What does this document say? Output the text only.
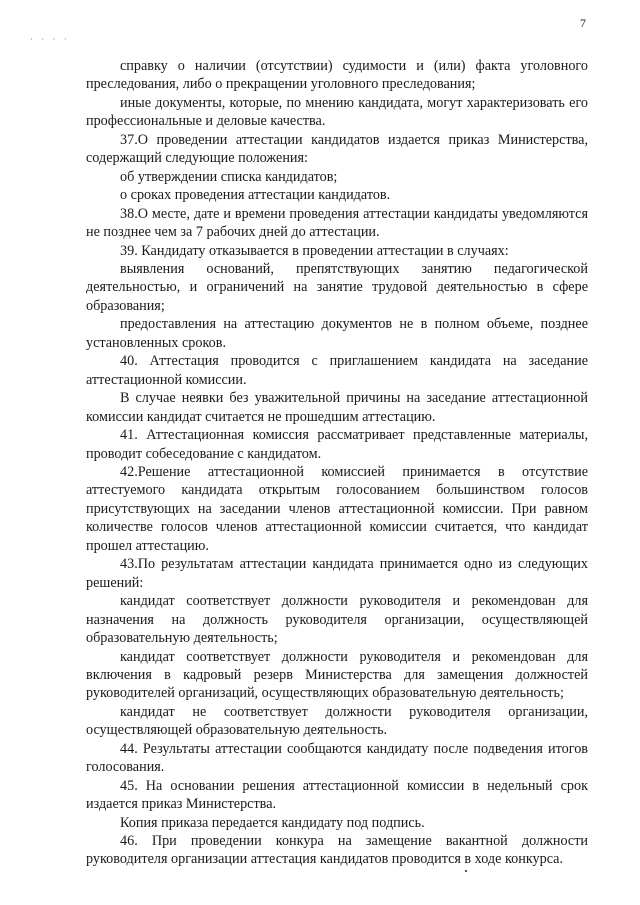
· · · ·
7

справку о наличии (отсутствии) судимости и (или) факта уголовного преследования, либо о прекращении уголовного преследования;

иные документы, которые, по мнению кандидата, могут характеризовать его профессиональные и деловые качества.

37.О проведении аттестации кандидатов издается приказ Министерства, содержащий следующие положения:

об утверждении списка кандидатов;

о сроках проведения аттестации кандидатов.

38.О месте, дате и времени проведения аттестации кандидаты уведомляются не позднее чем за 7 рабочих дней до аттестации.

39. Кандидату отказывается в проведении аттестации в случаях:

выявления оснований, препятствующих занятию педагогической деятельностью, и ограничений на занятие трудовой деятельностью в сфере образования;

предоставления на аттестацию документов не в полном объеме, позднее установленных сроков.

40. Аттестация проводится с приглашением кандидата на заседание аттестационной комиссии.

В случае неявки без уважительной причины на заседание аттестационной комиссии кандидат считается не прошедшим аттестацию.

41. Аттестационная комиссия рассматривает представленные материалы, проводит собеседование с кандидатом.

42.Решение аттестационной комиссией принимается в отсутствие аттестуемого кандидата открытым голосованием большинством голосов присутствующих на заседании членов аттестационной комиссии. При равном количестве голосов членов аттестационной комиссии считается, что кандидат прошел аттестацию.

43.По результатам аттестации кандидата принимается одно из следующих решений:

кандидат соответствует должности руководителя и рекомендован для назначения на должность руководителя организации, осуществляющей образовательную деятельность;

кандидат соответствует должности руководителя и рекомендован для включения в кадровый резерв Министерства для замещения должностей руководителей организаций, осуществляющих образовательную деятельность;

кандидат не соответствует должности руководителя организации, осуществляющей образовательную деятельность.

44. Результаты аттестации сообщаются кандидату после подведения итогов голосования.

45. На основании решения аттестационной комиссии в недельный срок издается приказ Министерства.

Копия приказа передается кандидату под подпись.

46. При проведении конкура на замещение вакантной должности руководителя организации аттестация кандидатов проводится в ходе конкурса.
